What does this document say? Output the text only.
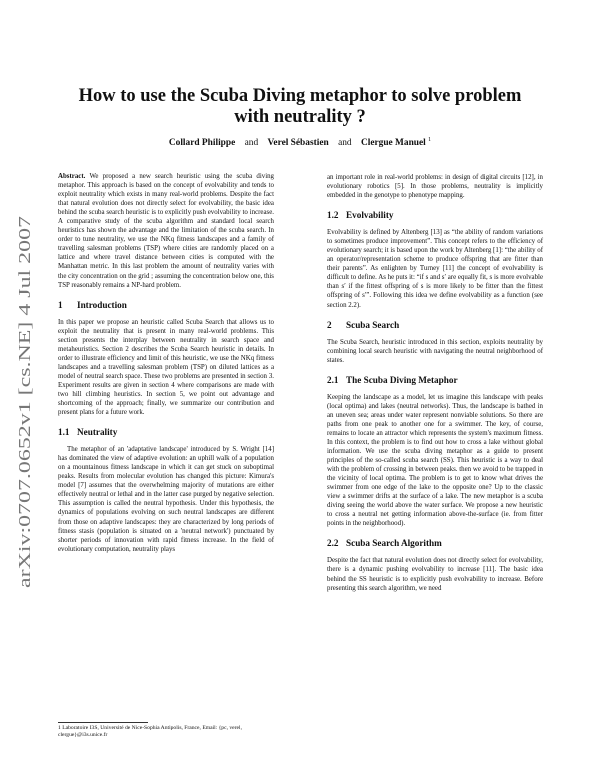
arXiv:0707.0652v1 [cs.NE] 4 Jul 2007
How to use the Scuba Diving metaphor to solve problem
with neutrality ?
Collard Philippe and Verel Sébastien and Clergue Manuel $^1$

Abstract. We proposed a new search heuristic using the scuba diving metaphor. This approach is based on the concept of evolvability and tends to exploit neutrality which exists in many real-world problems. Despite the fact that natural evolution does not directly select for evolvability, the basic idea behind the scuba search heuristic is to explicitly push evolvability to increase. A comparative study of the scuba algorithm and standard local search heuristics has shown the advantage and the limitation of the scuba search. In order to tune neutrality, we use the NKq fitness landscapes and a family of travelling salesman problems (TSP) where cities are randomly placed on a lattice and where travel distance between cities is computed with the Manhattan metric. In this last problem the amount of neutrality varies with the city concentration on the grid ; assuming the concentration below one, this TSP reasonably remains a NP-hard problem.

1 Introduction

In this paper we propose an heuristic called Scuba Search that allows us to exploit the neutrality that is present in many real-world problems. This section presents the interplay between neutrality in search space and metaheuristics. Section 2 describes the Scuba Search heuristic in details. In order to illustrate efficiency and limit of this heuristic, we use the NKq fitness landscapes and a travelling salesman problem (TSP) on diluted lattices as a model of neutral search space. These two problems are presented in section 3. Experiment results are given in section 4 where comparisons are made with two hill climbing heuristics. In section 5, we point out advantage and shortcoming of the approach; finally, we summarize our contribution and present plans for a future work.

1.1 Neutrality

The metaphor of an 'adaptative landscape' introduced by S. Wright [14] has dominated the view of adaptive evolution: an uphill walk of a population on a mountainous fitness landscape in which it can get stuck on suboptimal peaks. Results from molecular evolution has changed this picture: Kimura's model [7] assumes that the overwhelming majority of mutations are either effectively neutral or lethal and in the latter case purged by negative selection. This assumption is called the neutral hypothesis. Under this hypothesis, the dynamics of populations evolving on such neutral landscapes are different from those on adaptive landscapes: they are characterized by long periods of fitness stasis (population is situated on a 'neutral network') punctuated by shorter periods of innovation with rapid fitness increase. In the field of evolutionary computation, neutrality plays

1 Laboratoire I3S, Université de Nice-Sophia Antipolis, France, Email: {pc, verel, clergue}@i3s.unice.fr

an important role in real-world problems: in design of digital circuits [12], in evolutionary robotics [5]. In those problems, neutrality is implicitly embedded in the genotype to phenotype mapping.

1.2 Evolvability

Evolvability is defined by Altenberg [13] as “the ability of random variations to sometimes produce improvement”. This concept refers to the efficiency of evolutionary search; it is based upon the work by Altenberg [1]: “the ability of an operator/representation scheme to produce offspring that are fitter than their parents”. As enlighten by Turney [11] the concept of evolvability is difficult to define. As he puts it: “if s and s′ are equally fit, s is more evolvable than s′ if the fittest offspring of s is more likely to be fitter than the fittest offspring of s′”. Following this idea we define evolvability as a function (see section 2.2).

2 Scuba Search

The Scuba Search, heuristic introduced in this section, exploits neutrality by combining local search heuristic with navigating the neutral neighborhood of states.

2.1 The Scuba Diving Metaphor

Keeping the landscape as a model, let us imagine this landscape with peaks (local optima) and lakes (neutral networks). Thus, the landscape is bathed in an uneven sea; areas under water represent nonviable solutions. So there are paths from one peak to another one for a swimmer. The key, of course, remains to locate an attractor which represents the system's maximum fitness. In this context, the problem is to find out how to cross a lake without global information. We use the scuba diving metaphor as a guide to present principles of the so-called scuba search (SS). This heuristic is a way to deal with the problem of crossing in between peaks. then we avoid to be trapped in the vicinity of local optima. The problem is to get to know what drives the swimmer from one edge of the lake to the opposite one? Up to the classic view a swimmer drifts at the surface of a lake. The new metaphor is a scuba diving seeing the world above the water surface. We propose a new heuristic to cross a neutral net getting information above-the-surface (ie. from fitter points in the neighborhood).

2.2 Scuba Search Algorithm

Despite the fact that natural evolution does not directly select for evolvability, there is a dynamic pushing evolvability to increase [11]. The basic idea behind the SS heuristic is to explicitly push evolvability to increase. Before presenting this search algorithm, we need
